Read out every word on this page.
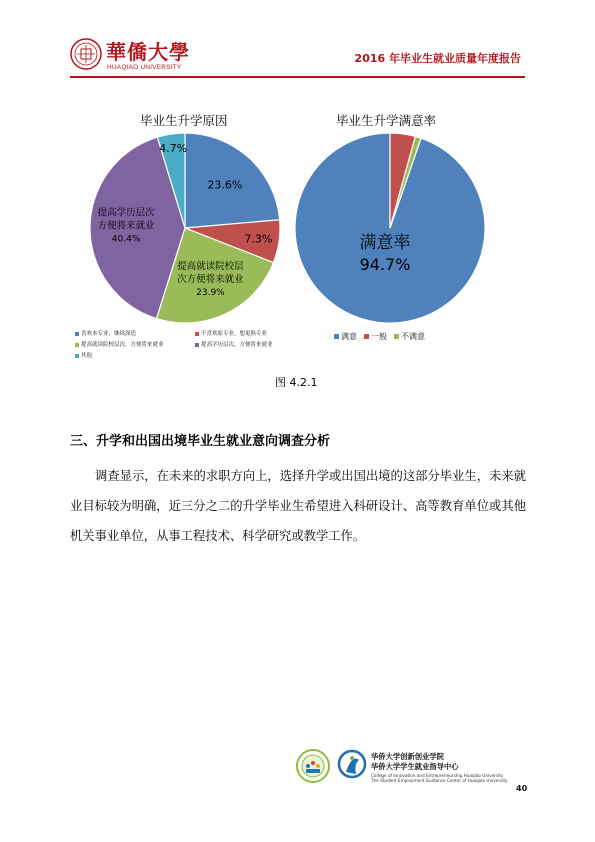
華僑大學
HUAQIAO UNIVERSITY
2016 年毕业生就业质量年度报告
毕业生升学原因	毕业生升学满意率
23.6%
7.3%
提高就读院校层
次方便将来就业
23.9%
提高学历层次
方便将来就业
40.4%
4.7%
满意率
94.7%
喜欢本专业，继续深造	不喜欢原专业，想更换专业
提高就读院校层次，方便将来就业	提高学历层次，方便将来就业
其他
满意 一般 不满意
图 4.2.1
三、升学和出国出境毕业生就业意向调查分析
调查显示，在未来的求职方向上，选择升学或出国出境的这部分毕业生，未来就业目标较为明确，近三分之二的升学毕业生希望进入科研设计、高等教育单位或其他机关事业单位，从事工程技术、科学研究或教学工作。
华侨大学创新创业学院
华侨大学学生就业指导中心
College of Innovation and Entrepreneurship,Huaqiao University
The Student Employment Guidance Center of Huaqiao University
40
